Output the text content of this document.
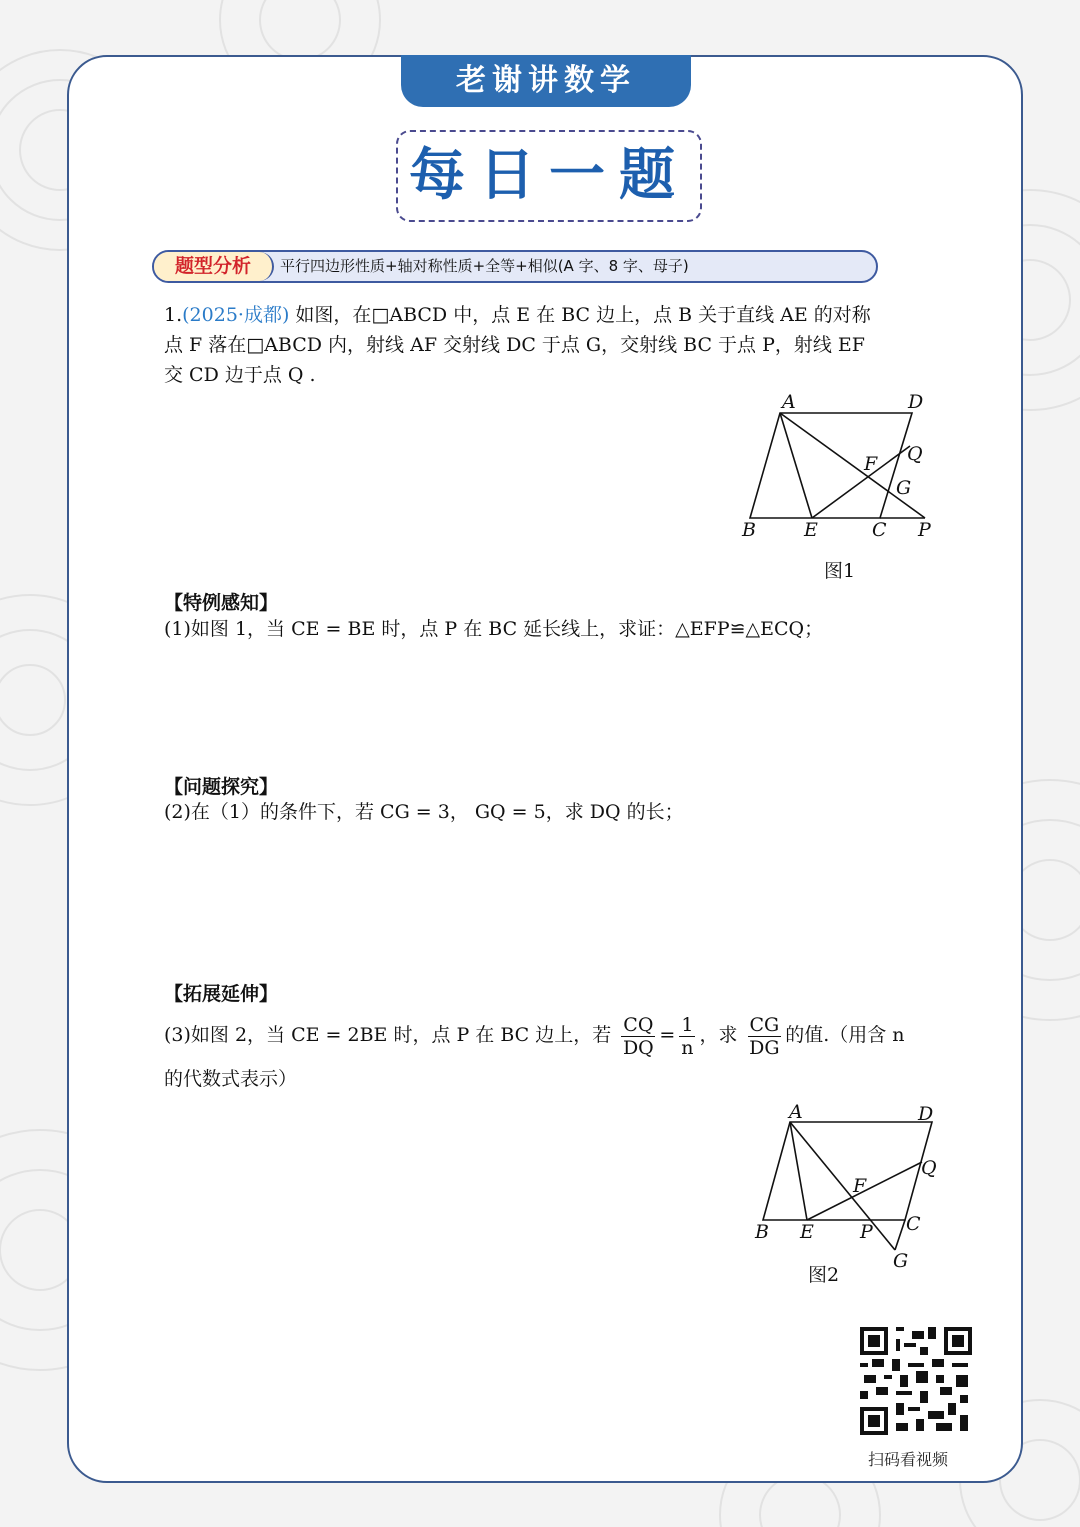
老谢讲数学
每日一题
题型分析	平行四边形性质+轴对称性质+全等+相似(A 字、8 字、母子)
1.(2025·成都) 如图，在□ABCD 中，点 E 在 BC 边上，点 B 关于直线 AE 的对称
点 F 落在□ABCD 内，射线 AF 交射线 DC 于点 G，交射线 BC 于点 P，射线 EF
交 CD 边于点 Q .
A	D
F Q
G
B	E	C P
图1
【特例感知】
(1)如图 1，当 CE = BE 时，点 P 在 BC 延长线上，求证：△EFP≌△ECQ；
【问题探究】
(2)在（1）的条件下，若 CG = 3， GQ = 5，求 DQ 的长；
【拓展延伸】
(3)如图 2，当 CE = 2BE 时，点 P 在 BC 边上，若 $\frac{CQ}{DQ} = \frac{1}{n}$ ，求 $\frac{CG}{DG}$ 的值.（用含 n
的代数式表示）
A	D
F
Q
C
B E P
G
图2
扫码看视频
